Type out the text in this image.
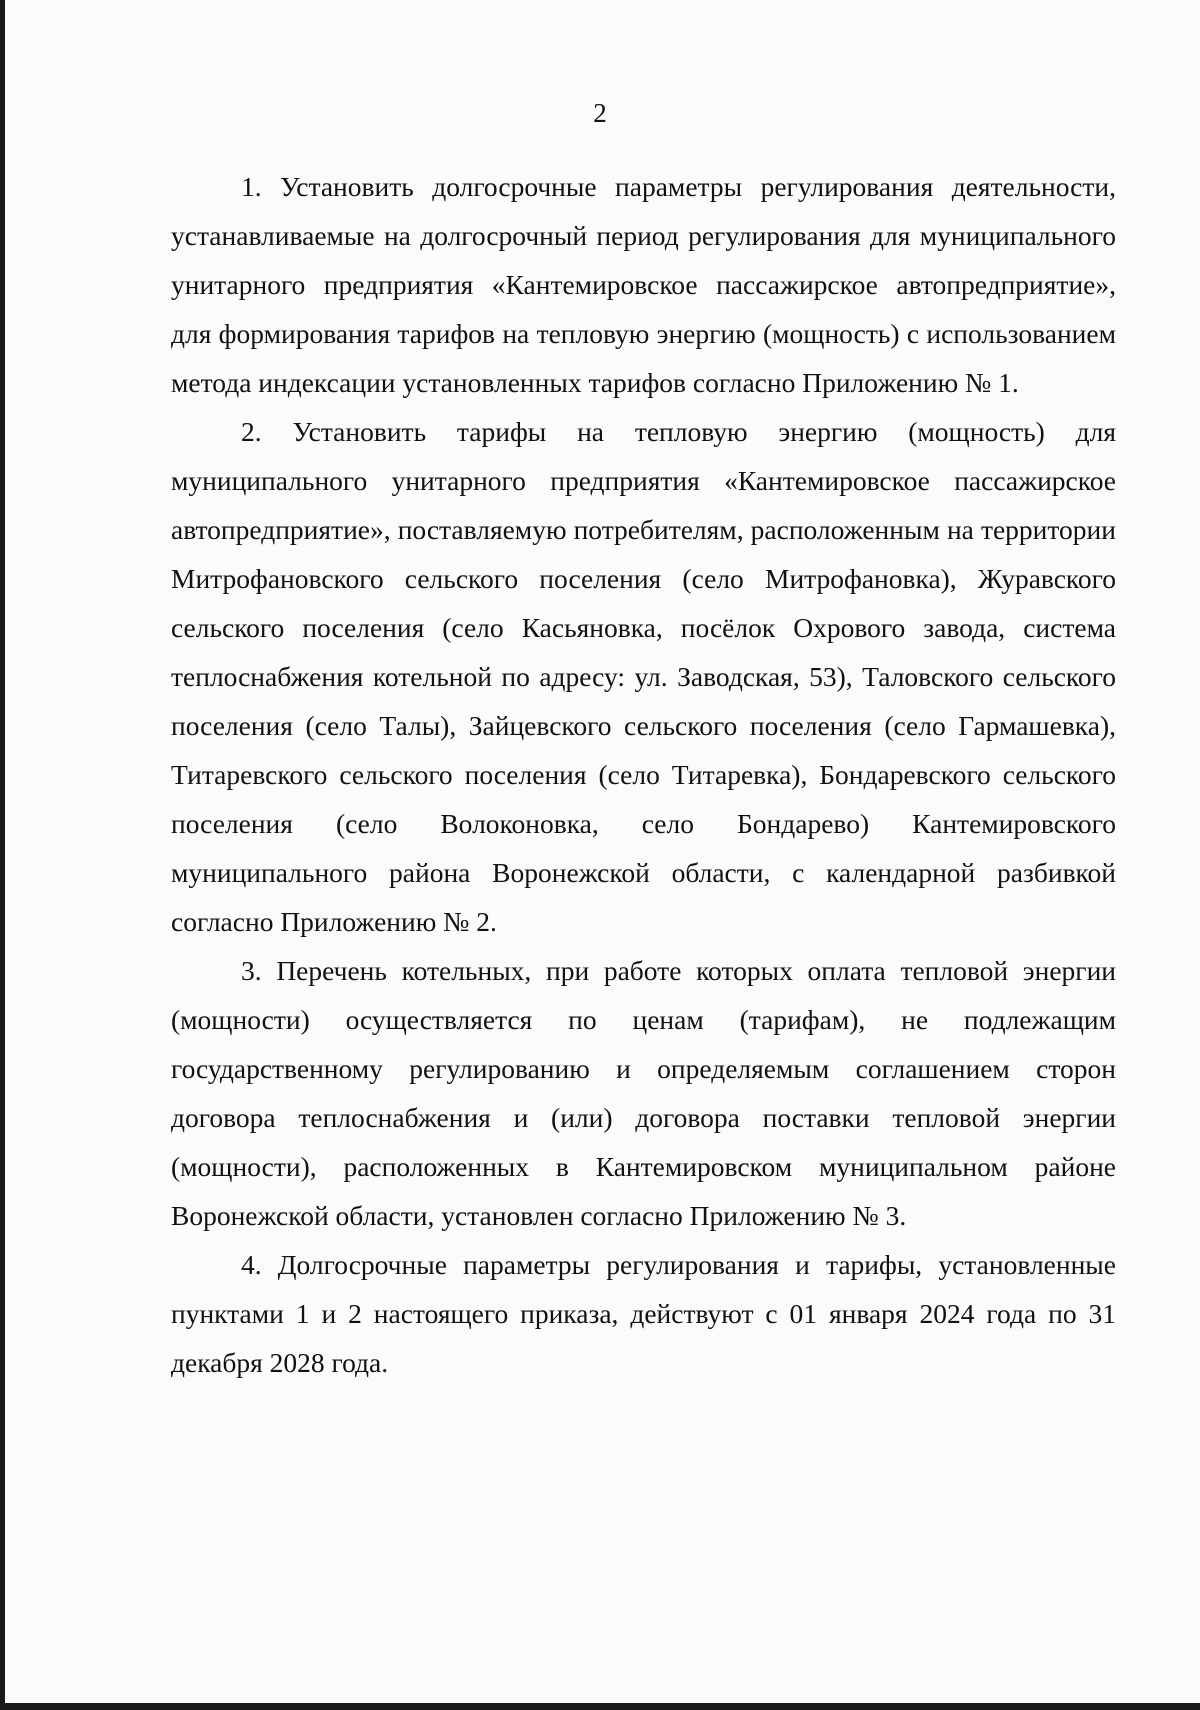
2

1. Установить долгосрочные параметры регулирования деятельности, устанавливаемые на долгосрочный период регулирования для муниципального унитарного предприятия «Кантемировское пассажирское автопредприятие», для формирования тарифов на тепловую энергию (мощность) с использованием метода индексации установленных тарифов согласно Приложению № 1.

2. Установить тарифы на тепловую энергию (мощность) для муниципального унитарного предприятия «Кантемировское пассажирское автопредприятие», поставляемую потребителям, расположенным на территории Митрофановского сельского поселения (село Митрофановка), Журавского сельского поселения (село Касьяновка, посёлок Охрового завода, система теплоснабжения котельной по адресу: ул. Заводская, 53), Таловского сельского поселения (село Талы), Зайцевского сельского поселения (село Гармашевка), Титаревского сельского поселения (село Титаревка), Бондаревского сельского поселения (село Волоконовка, село Бондарево) Кантемировского муниципального района Воронежской области, с календарной разбивкой согласно Приложению № 2.

3. Перечень котельных, при работе которых оплата тепловой энергии (мощности) осуществляется по ценам (тарифам), не подлежащим государственному регулированию и определяемым соглашением сторон договора теплоснабжения и (или) договора поставки тепловой энергии (мощности), расположенных в Кантемировском муниципальном районе Воронежской области, установлен согласно Приложению № 3.

4. Долгосрочные параметры регулирования и тарифы, установленные пунктами 1 и 2 настоящего приказа, действуют с 01 января 2024 года по 31 декабря 2028 года.
